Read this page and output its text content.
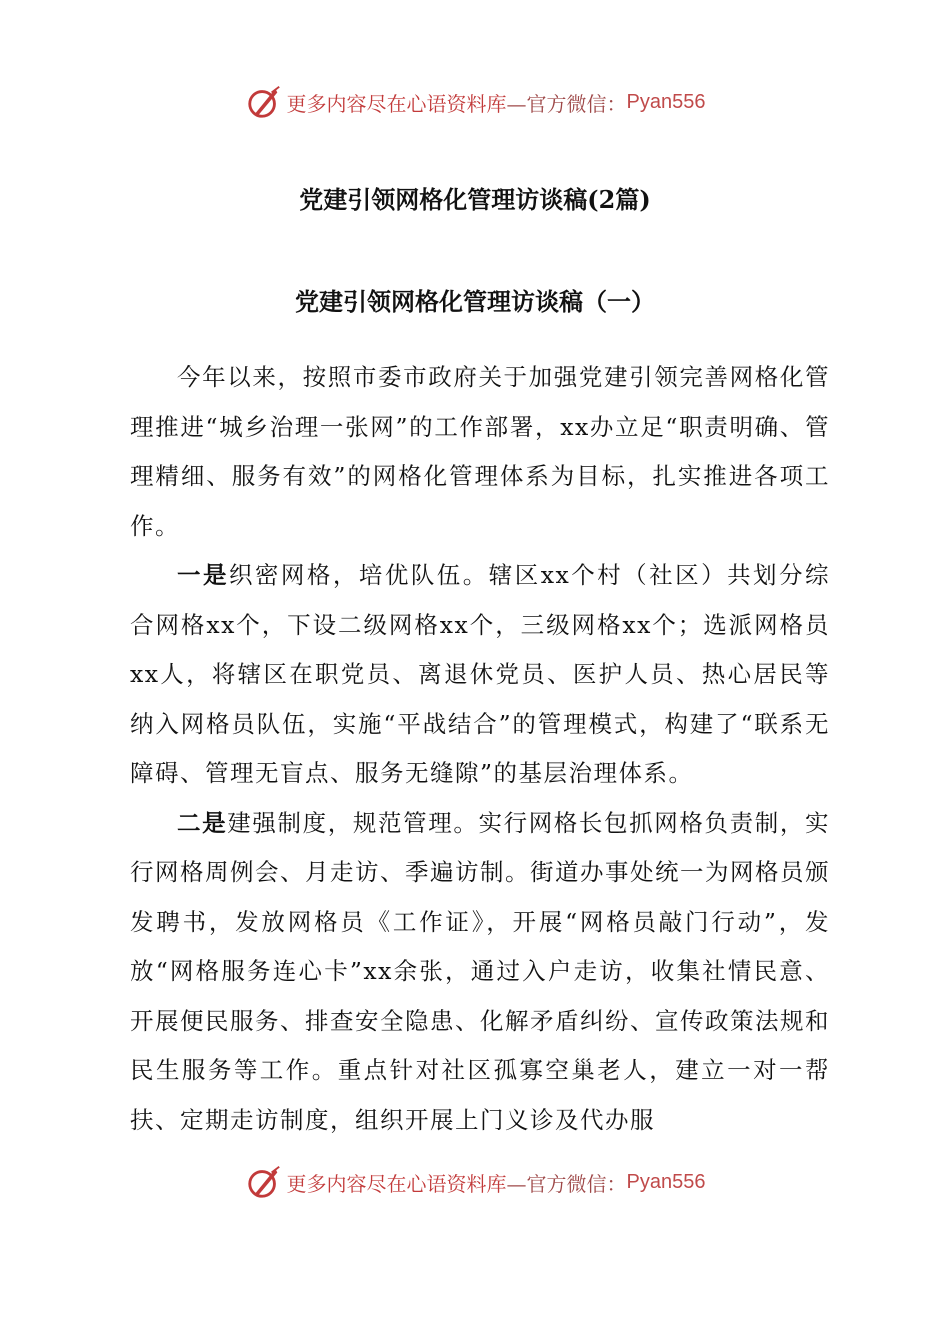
更多内容尽在心语资料库 —官方微信： Pyan556
党建引领网格化管理访谈稿(2篇)
党建引领网格化管理访谈稿（一）

今年以来，按照市委市政府关于加强党建引领完善网格化管理推进“城乡治理一张网”的工作部署，xx办立足“职责明确、管理精细、服务有效”的网格化管理体系为目标，扎实推进各项工作。

一是织密网格，培优队伍。辖区xx个村（社区）共划分综合网格xx个，下设二级网格xx个，三级网格xx个；选派网格员xx人，将辖区在职党员、离退休党员、医护人员、热心居民等纳入网格员队伍，实施“平战结合”的管理模式，构建了“联系无障碍、管理无盲点、服务无缝隙”的基层治理体系。

二是建强制度，规范管理。实行网格长包抓网格负责制，实行网格周例会、月走访、季遍访制。街道办事处统一为网格员颁发聘书，发放网格员《工作证》，开展“网格员敲门行动”，发放“网格服务连心卡”xx余张，通过入户走访，收集社情民意、开展便民服务、排查安全隐患、化解矛盾纠纷、宣传政策法规和民生服务等工作。重点针对社区孤寡空巢老人，建立一对一帮扶、定期走访制度，组织开展上门义诊及代办服

更多内容尽在心语资料库 —官方微信： Pyan556
